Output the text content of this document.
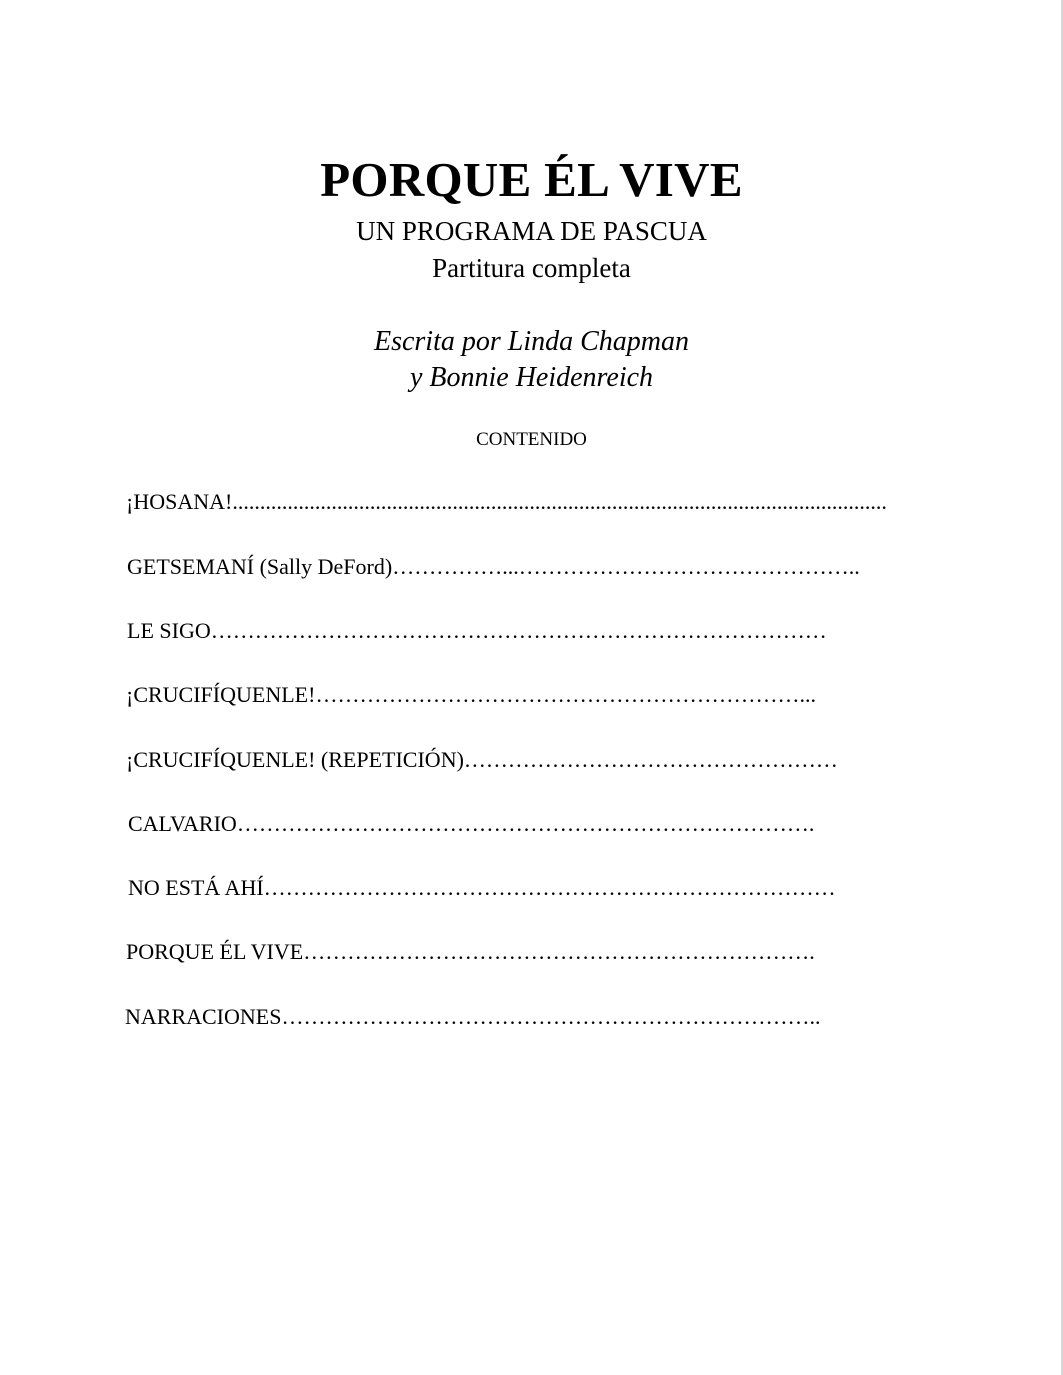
PORQUE ÉL VIVE
UN PROGRAMA DE PASCUA
Partitura completa
Escrita por Linda Chapman
y Bonnie Heidenreich
CONTENIDO
¡HOSANA!.......................................................................................................................
GETSEMANÍ (Sally DeFord)……………...………………………………………..
LE SIGO…………………………………………………………………………
¡CRUCIFÍQUENLE!…………………………………………………………...
¡CRUCIFÍQUENLE! (REPETICIÓN)……………………………………………
CALVARIO…………………………………………………………………….
NO ESTÁ AHÍ……………………………………………………………………
PORQUE ÉL VIVE…………………………………………………………….
NARRACIONES………………………………………………………………..
